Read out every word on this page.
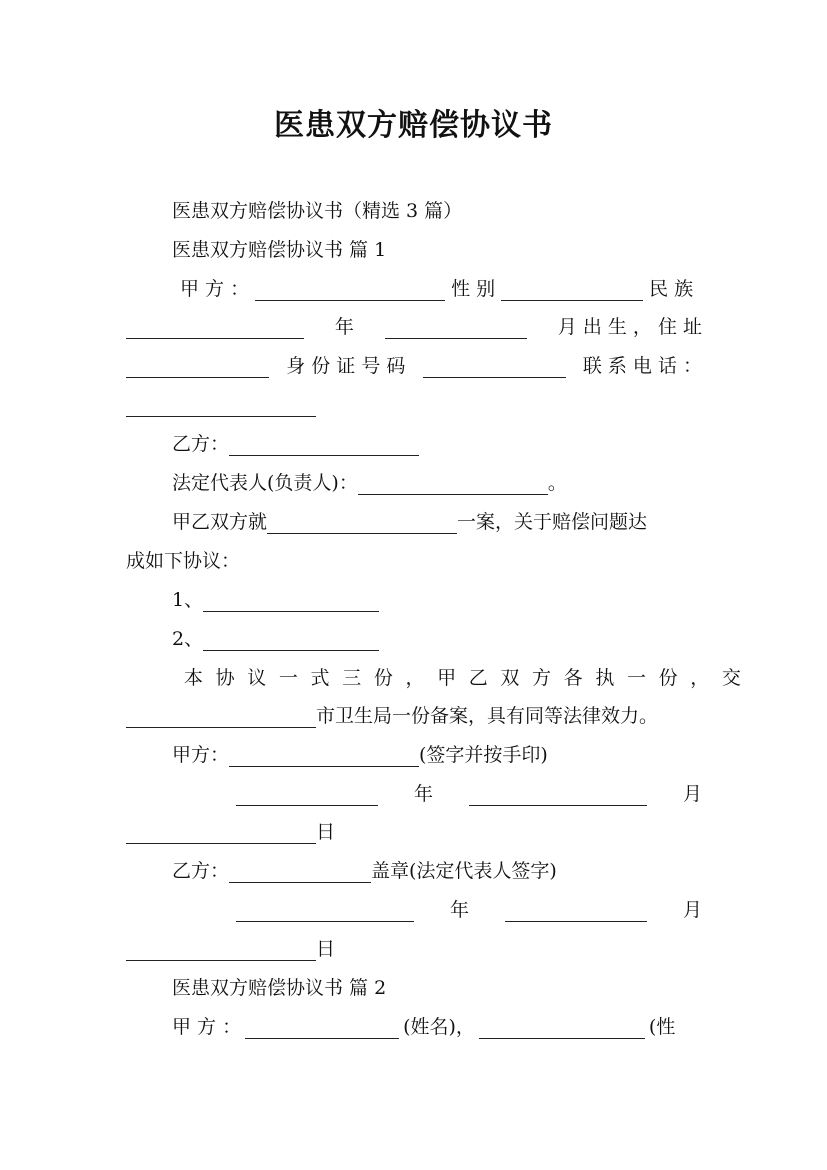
医患双方赔偿协议书
医患双方赔偿协议书（精选 3 篇）
医患双方赔偿协议书 篇 1
甲 方 ：	性 别	民 族
年	月 出 生 ， 住 址
身 份 证 号 码	联 系 电 话 ：
乙方：
法定代表人(负责人)：	。
甲乙双方就	一案，关于赔偿问题达
成如下协议：
1、
2、
本 协 议 一 式 三 份 ， 甲 乙 双 方 各 执 一 份 ， 交
市卫生局一份备案，具有同等法律效力。
甲方：	(签字并按手印)
年	月
日
乙方：	盖章(法定代表人签字)
年	月
日
医患双方赔偿协议书 篇 2
甲 方 ：	(姓名)，	(性
